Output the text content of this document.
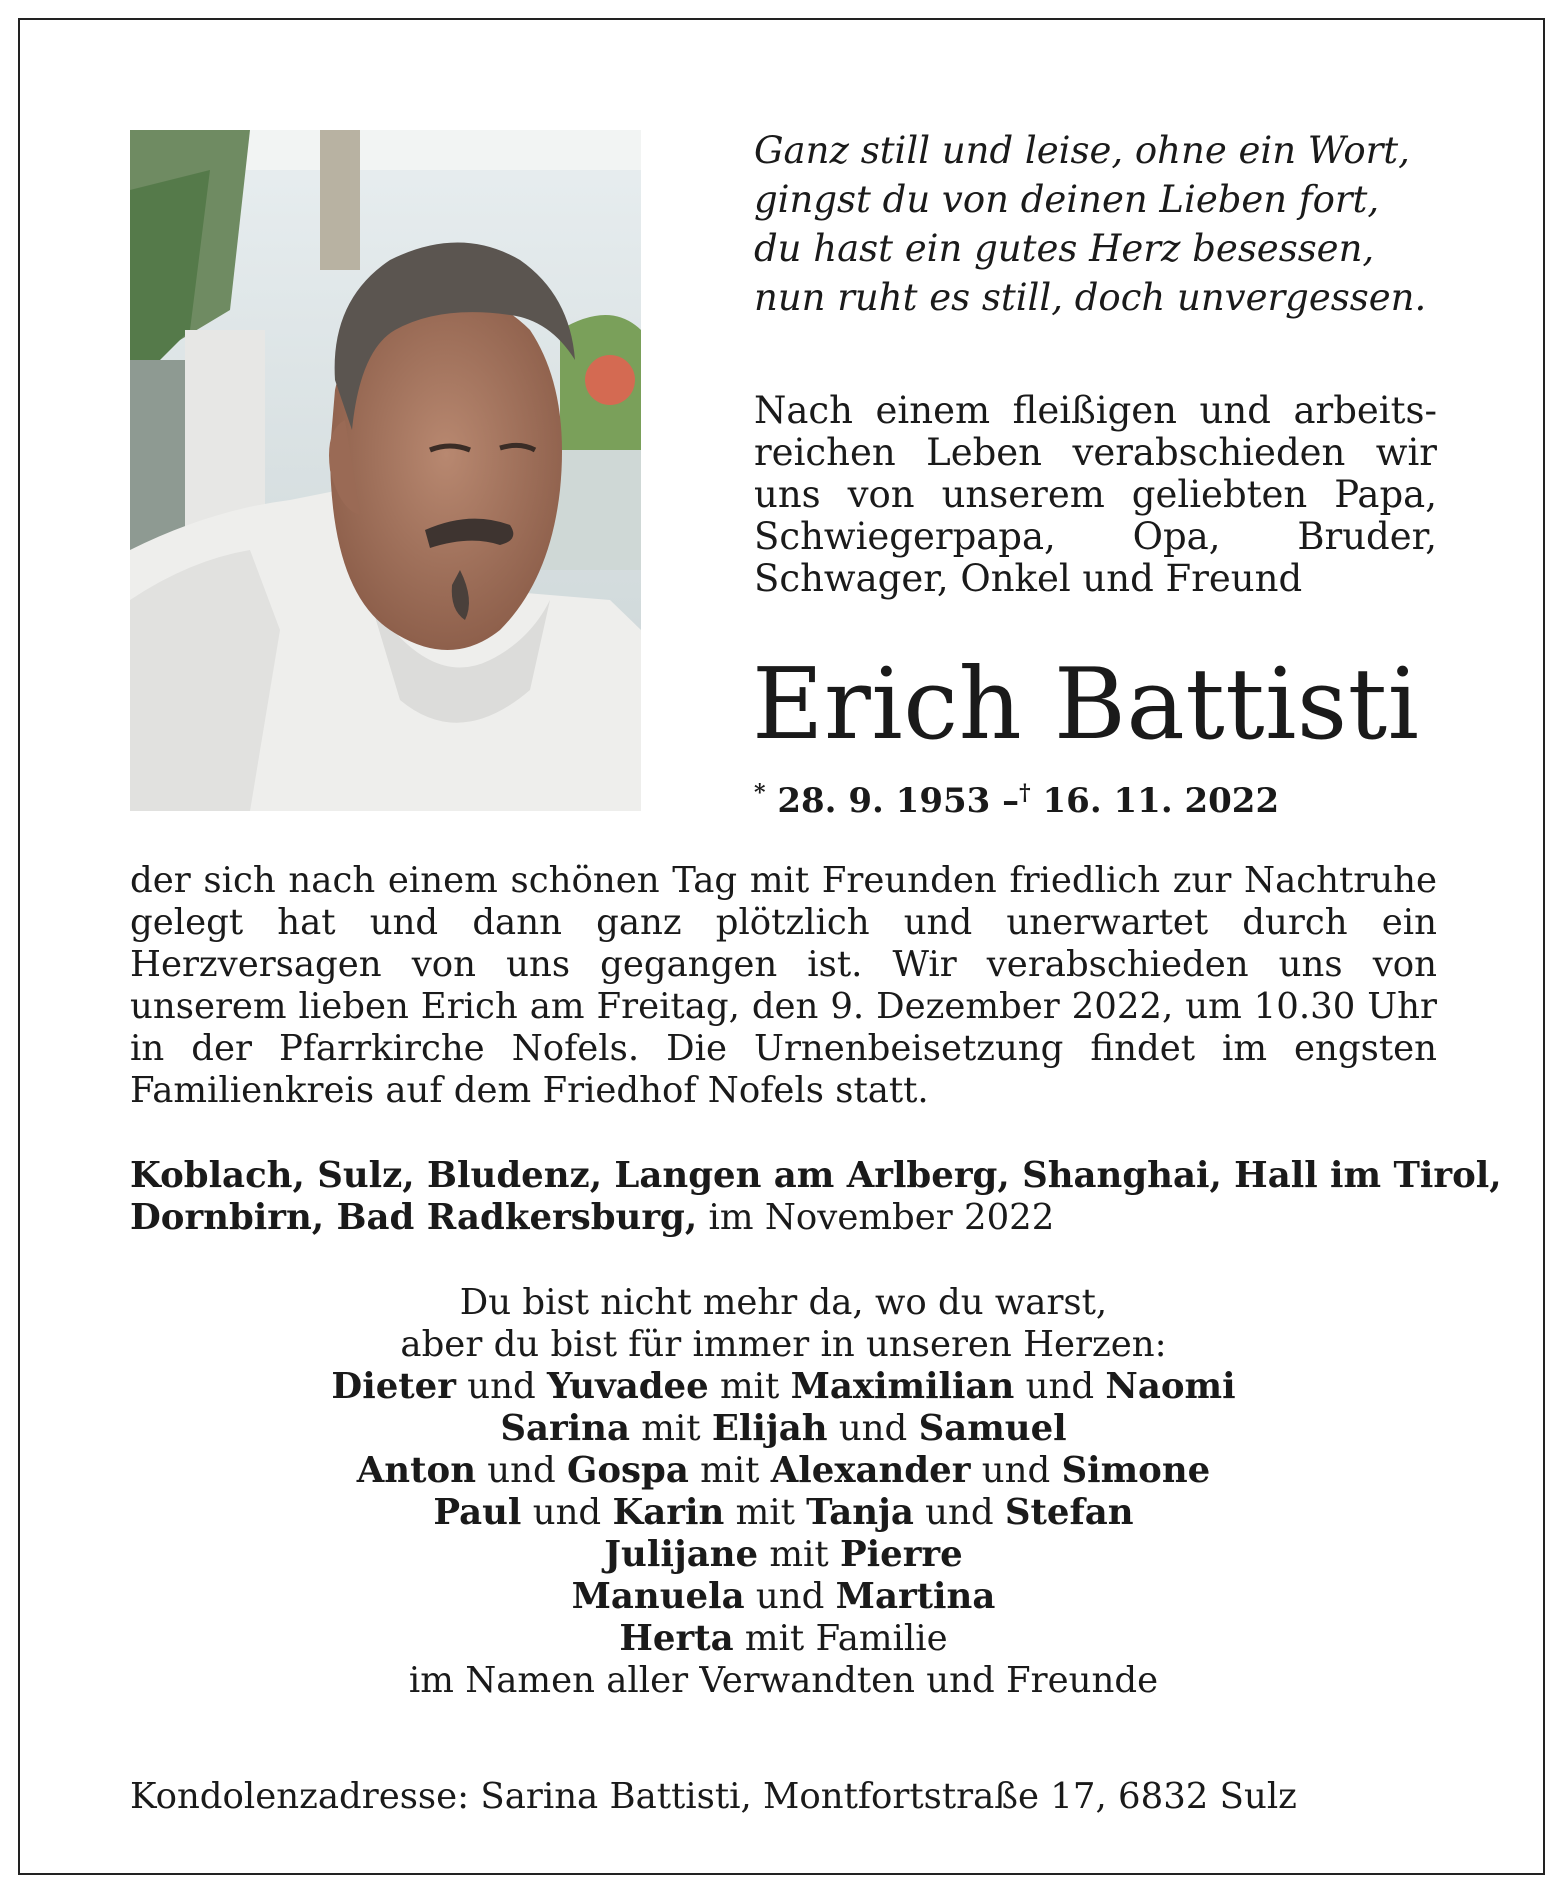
Ganz still und leise, ohne ein Wort,
gingst du von deinen Lieben fort,
du hast ein gutes Herz besessen,
nun ruht es still, doch unvergessen.
Nach einem fleißigen und arbeitsreichen Leben verabschieden wir uns von unserem geliebten Papa, Schwiegerpapa, Opa, Bruder, Schwager, Onkel und Freund
Erich Battisti
* 28. 9. 1953 –† 16. 11. 2022
der sich nach einem schönen Tag mit Freunden friedlich zur Nachtruhe gelegt hat und dann ganz plötzlich und unerwartet durch ein Herzversagen von uns gegangen ist. Wir verabschieden uns von unserem lieben Erich am Freitag, den 9. Dezember 2022, um 10.30 Uhr in der Pfarrkirche Nofels. Die Urnenbeisetzung findet im engsten Familienkreis auf dem Friedhof Nofels statt.
Koblach, Sulz, Bludenz, Langen am Arlberg, Shanghai, Hall im Tirol,
Dornbirn, Bad Radkersburg, im November 2022
Du bist nicht mehr da, wo du warst,
aber du bist für immer in unseren Herzen:
Dieter und Yuvadee mit Maximilian und Naomi
Sarina mit Elijah und Samuel
Anton und Gospa mit Alexander und Simone
Paul und Karin mit Tanja und Stefan
Julijane mit Pierre
Manuela und Martina
Herta mit Familie
im Namen aller Verwandten und Freunde
Kondolenzadresse: Sarina Battisti, Montfortstraße 17, 6832 Sulz
